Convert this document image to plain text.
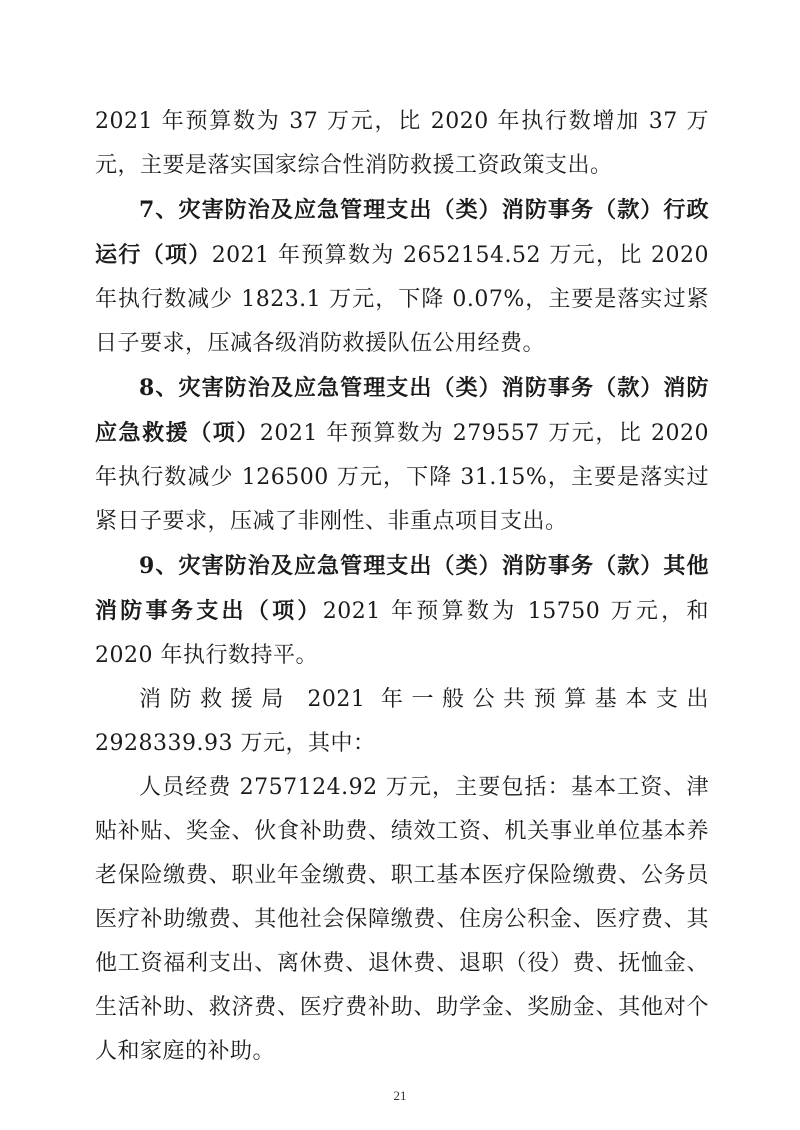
2021 年预算数为 37 万元，比 2020 年执行数增加 37 万元，主要是落实国家综合性消防救援工资政策支出。

7、灾害防治及应急管理支出（类）消防事务（款）行政运行（项）2021 年预算数为 2652154.52 万元，比 2020 年执行数减少 1823.1 万元，下降 0.07%，主要是落实过紧日子要求，压减各级消防救援队伍公用经费。

8、灾害防治及应急管理支出（类）消防事务（款）消防应急救援（项）2021 年预算数为 279557 万元，比 2020 年执行数减少 126500 万元，下降 31.15%，主要是落实过紧日子要求，压减了非刚性、非重点项目支出。

9、灾害防治及应急管理支出（类）消防事务（款）其他消防事务支出（项）2021 年预算数为 15750 万元，和 2020 年执行数持平。

消防救援局 2021 年一般公共预算基本支出 2928339.93 万元，其中：

人员经费 2757124.92 万元，主要包括：基本工资、津贴补贴、奖金、伙食补助费、绩效工资、机关事业单位基本养老保险缴费、职业年金缴费、职工基本医疗保险缴费、公务员医疗补助缴费、其他社会保障缴费、住房公积金、医疗费、其他工资福利支出、离休费、退休费、退职（役）费、抚恤金、生活补助、救济费、医疗费补助、助学金、奖励金、其他对个人和家庭的补助。

21
